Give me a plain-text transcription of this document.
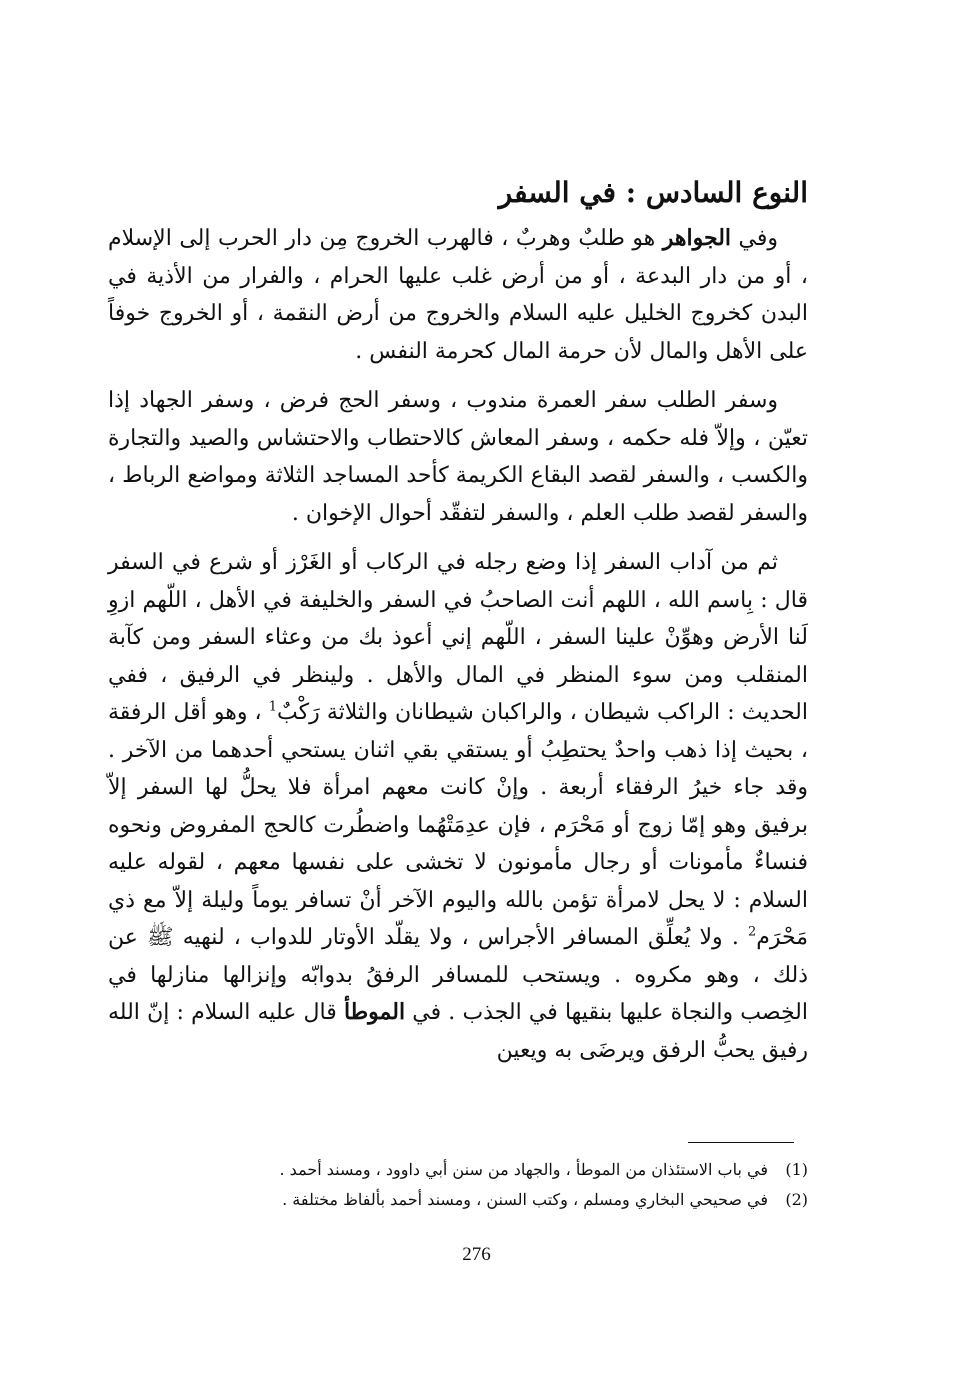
النوع السادس : في السفر

وفي الجواهر هو طلبٌ وهربٌ ، فالهرب الخروج مِن دار الحرب إلى الإسلام ، أو من دار البدعة ، أو من أرض غلب عليها الحرام ، والفرار من الأذية في البدن كخروج الخليل عليه السلام والخروج من أرض النقمة ، أو الخروج خوفاً على الأهل والمال لأن حرمة المال كحرمة النفس .

وسفر الطلب سفر العمرة مندوب ، وسفر الحج فرض ، وسفر الجهاد إذا تعيّن ، وإلاّ فله حكمه ، وسفر المعاش كالاحتطاب والاحتشاس والصيد والتجارة والكسب ، والسفر لقصد البقاع الكريمة كأحد المساجد الثلاثة ومواضع الرباط ، والسفر لقصد طلب العلم ، والسفر لتفقّد أحوال الإخوان .

ثم من آداب السفر إذا وضع رجله في الركاب أو الغَرْز أو شرع في السفر قال : بِاسم الله ، اللهم أنت الصاحبُ في السفر والخليفة في الأهل ، اللّهم ازوِ لَنا الأرض وهوِّنْ علينا السفر ، اللّهم إني أعوذ بك من وعثاء السفر ومن كآبة المنقلب ومن سوء المنظر في المال والأهل . ولينظر في الرفيق ، ففي الحديث : الراكب شيطان ، والراكبان شيطانان والثلاثة رَكْبٌ$^1$ ، وهو أقل الرفقة ، بحيث إذا ذهب واحدٌ يحتطِبُ أو يستقي بقي اثنان يستحي أحدهما من الآخر . وقد جاء خيرُ الرفقاء أربعة . وإنْ كانت معهم امرأة فلا يحلُّ لها السفر إلاّ برفيق وهو إمّا زوج أو مَحْرَم ، فإن عدِمَتْهُما واضطُرت كالحج المفروض ونحوه فنساءٌ مأمونات أو رجال مأمونون لا تخشى على نفسها معهم ، لقوله عليه السلام : لا يحل لامرأة تؤمن بالله واليوم الآخر أنْ تسافر يوماً وليلة إلاّ مع ذي مَحْرَم$^2$ . ولا يُعلِّق المسافر الأجراس ، ولا يقلّد الأوتار للدواب ، لنهيه ﷺ عن ذلك ، وهو مكروه . ويستحب للمسافر الرفقُ بدوابّه وإنزالها منازلها في الخِصب والنجاة عليها بنقيها في الجذب . في الموطأ قال عليه السلام : إنّ الله رفيق يحبُّ الرفق ويرضَى به ويعين

(1)
في باب الاستئذان من الموطأ ، والجهاد من سنن أبي داوود ، ومسند أحمد .
(2)
في صحيحي البخاري ومسلم ، وكتب السنن ، ومسند أحمد بألفاظ مختلفة .
276
